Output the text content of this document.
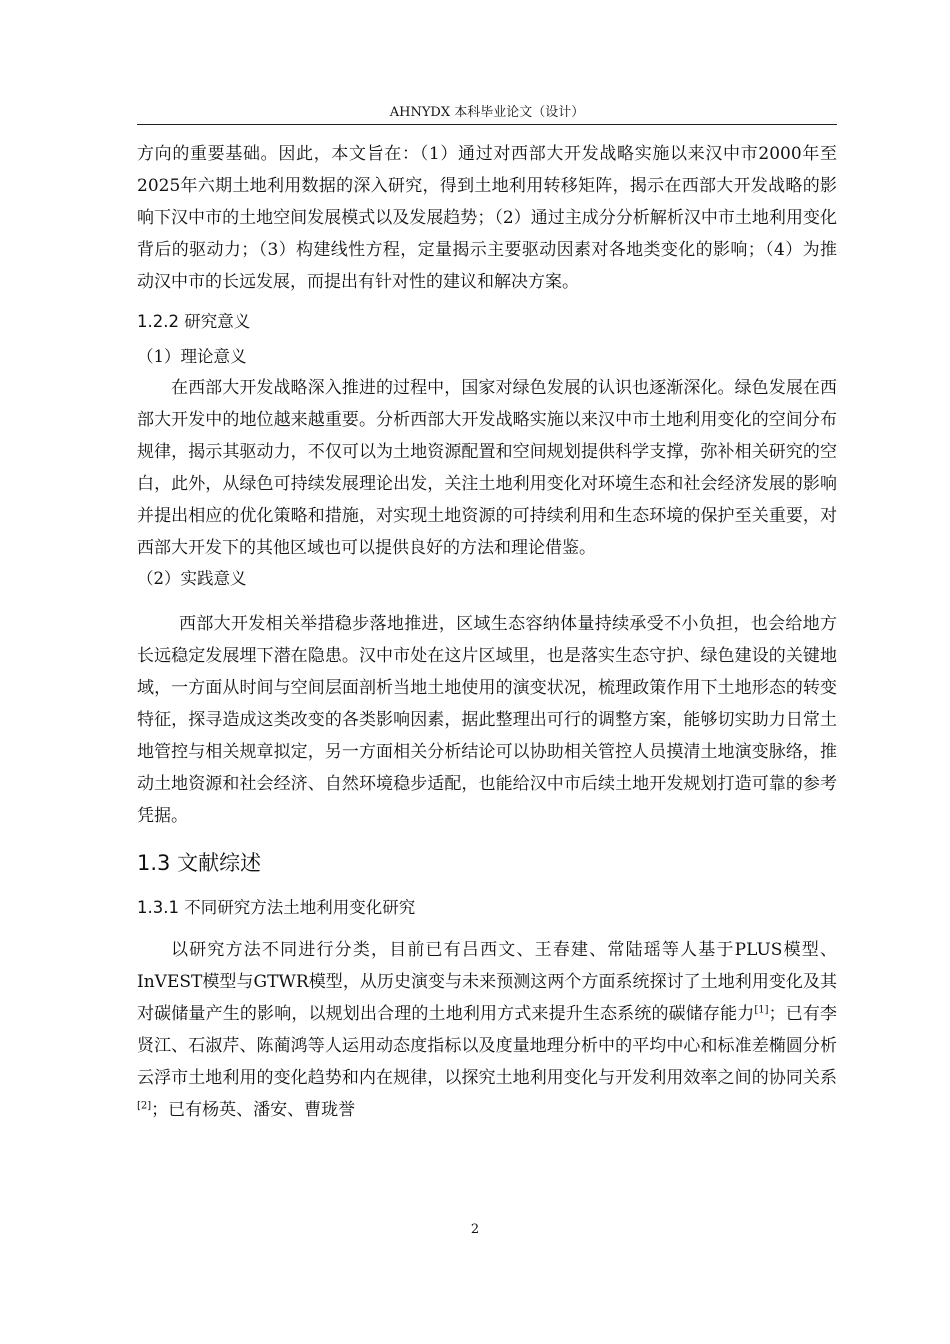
AHNYDX 本科毕业论文（设计）

方向的重要基础。因此，本文旨在：（1）通过对西部大开发战略实施以来汉中市2000年至2025年六期土地利用数据的深入研究，得到土地利用转移矩阵，揭示在西部大开发战略的影响下汉中市的土地空间发展模式以及发展趋势；（2）通过主成分分析解析汉中市土地利用变化背后的驱动力；（3）构建线性方程，定量揭示主要驱动因素对各地类变化的影响；（4）为推动汉中市的长远发展，而提出有针对性的建议和解决方案。

1.2.2 研究意义
（1）理论意义

在西部大开发战略深入推进的过程中，国家对绿色发展的认识也逐渐深化。绿色发展在西部大开发中的地位越来越重要。分析西部大开发战略实施以来汉中市土地利用变化的空间分布规律，揭示其驱动力，不仅可以为土地资源配置和空间规划提供科学支撑，弥补相关研究的空白，此外，从绿色可持续发展理论出发，关注土地利用变化对环境生态和社会经济发展的影响并提出相应的优化策略和措施，对实现土地资源的可持续利用和生态环境的保护至关重要，对西部大开发下的其他区域也可以提供良好的方法和理论借鉴。

（2）实践意义

西部大开发相关举措稳步落地推进，区域生态容纳体量持续承受不小负担，也会给地方长远稳定发展埋下潜在隐患。汉中市处在这片区域里，也是落实生态守护、绿色建设的关键地域，一方面从时间与空间层面剖析当地土地使用的演变状况，梳理政策作用下土地形态的转变特征，探寻造成这类改变的各类影响因素，据此整理出可行的调整方案，能够切实助力日常土地管控与相关规章拟定，另一方面相关分析结论可以协助相关管控人员摸清土地演变脉络，推动土地资源和社会经济、自然环境稳步适配，也能给汉中市后续土地开发规划打造可靠的参考凭据。

1.3 文献综述
1.3.1 不同研究方法土地利用变化研究

以研究方法不同进行分类，目前已有吕西文、王春建、常陆瑶等人基于PLUS模型、InVEST模型与GTWR模型，从历史演变与未来预测这两个方面系统探讨了土地利用变化及其对碳储量产生的影响，以规划出合理的土地利用方式来提升生态系统的碳储存能力[1]；已有李贤江、石淑芹、陈蔺鸿等人运用动态度指标以及度量地理分析中的平均中心和标准差椭圆分析云浮市土地利用的变化趋势和内在规律，以探究土地利用变化与开发利用效率之间的协同关系[2]；已有杨英、潘安、曹珑誉

2
